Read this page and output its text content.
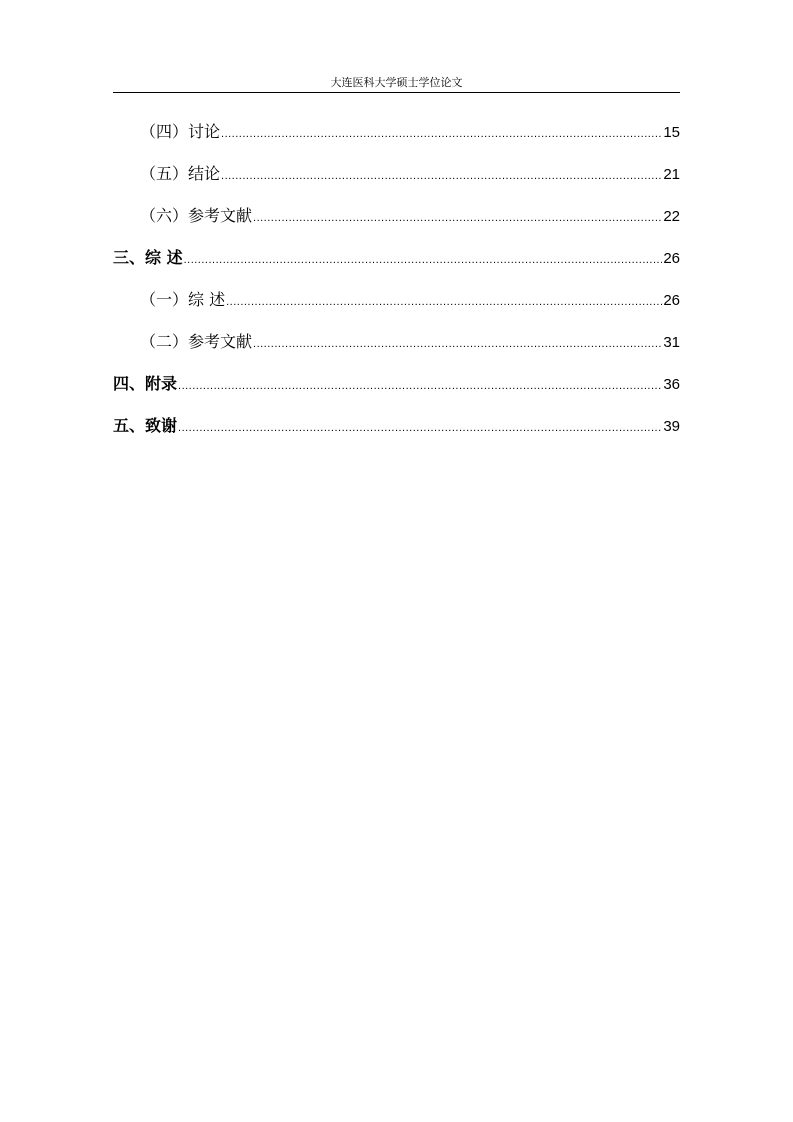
大连医科大学硕士学位论文
（四）讨论 .....	15
（五）结论 .....	21
（六）参考文献 .....	22
三、综 述 .....	26
（一）综 述 .....	26
（二）参考文献 .....	31
四、附录 .....	36
五、致谢 .....	39
